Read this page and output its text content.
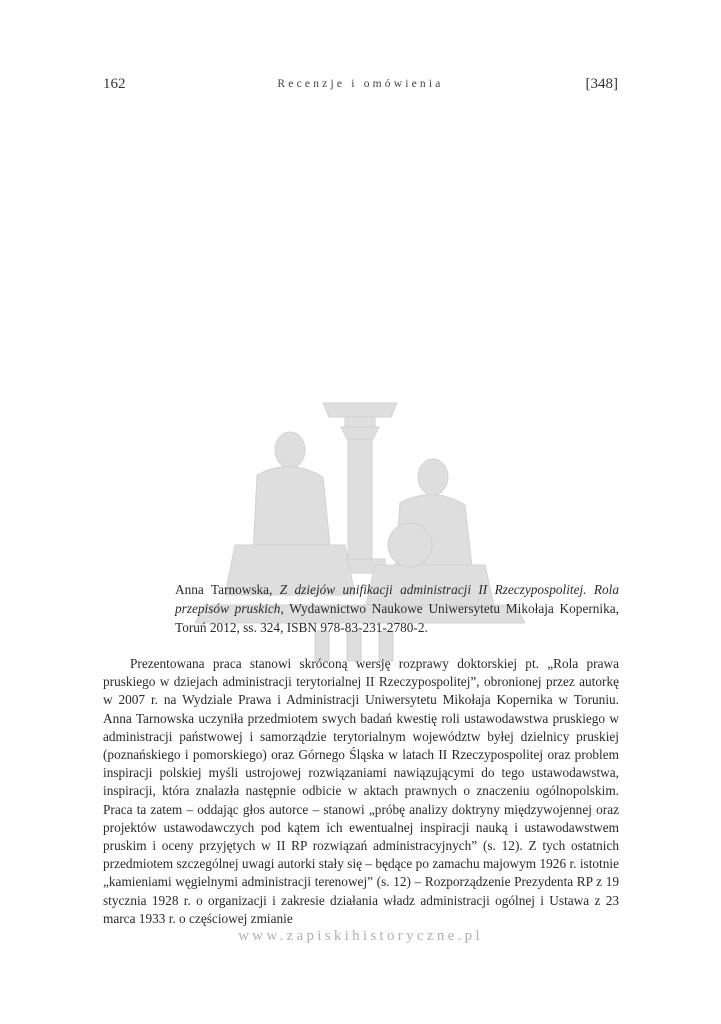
162	Recenzje i omówienia	[348]
Anna Tarnowska, Z dziejów unifikacji administracji II Rzeczypospolitej. Rola przepisów pruskich, Wydawnictwo Naukowe Uniwersytetu Mikołaja Kopernika, Toruń 2012, ss. 324, ISBN 978-83-231-2780-2.

Prezentowana praca stanowi skróconą wersję rozprawy doktorskiej pt. „Rola prawa pruskiego w dziejach administracji terytorialnej II Rzeczypospolitej”, obronionej przez autorkę w 2007 r. na Wydziale Prawa i Administracji Uniwersytetu Mikołaja Kopernika w Toruniu. Anna Tarnowska uczyniła przedmiotem swych badań kwestię roli ustawodawstwa pruskiego w administracji państwowej i samorządzie terytorialnym województw byłej dzielnicy pruskiej (poznańskiego i pomorskiego) oraz Górnego Śląska w latach II Rzeczypospolitej oraz problem inspiracji polskiej myśli ustrojowej rozwiązaniami nawiązującymi do tego ustawodawstwa, inspiracji, która znalazła następnie odbicie w aktach prawnych o znaczeniu ogólnopolskim. Praca ta zatem – oddając głos autorce – stanowi „próbę analizy doktryny międzywojennej oraz projektów ustawodawczych pod kątem ich ewentualnej inspiracji nauką i ustawodawstwem pruskim i oceny przyjętych w II RP rozwiązań administracyjnych” (s. 12). Z tych ostatnich przedmiotem szczególnej uwagi autorki stały się – będące po zamachu majowym 1926 r. istotnie „kamieniami węgielnymi administracji terenowej” (s. 12) – Rozporządzenie Prezydenta RP z 19 stycznia 1928 r. o organizacji i zakresie działania władz administracji ogólnej i Ustawa z 23 marca 1933 r. o częściowej zmianie

www.zapiskihistoryczne.pl
